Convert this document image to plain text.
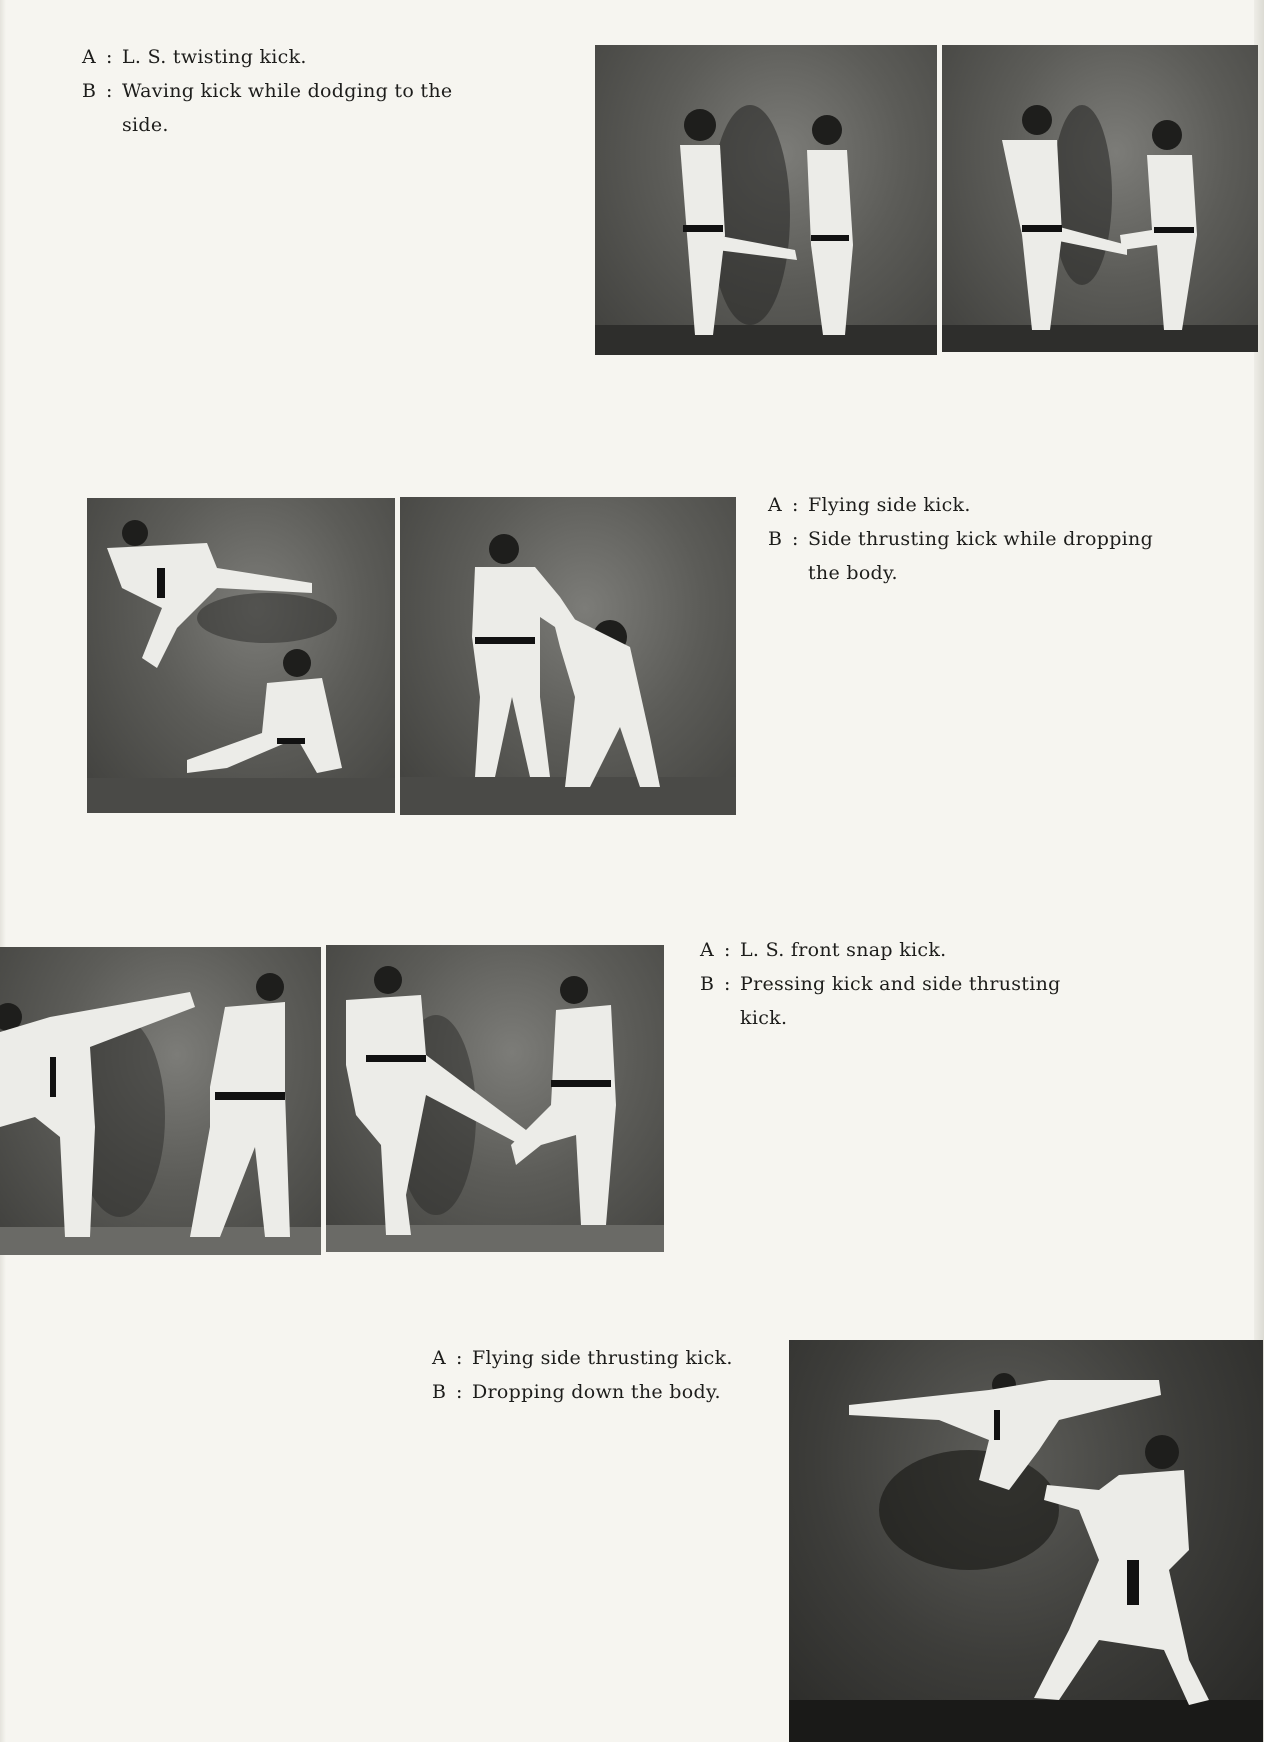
A : L. S. twisting kick.
B : Waving kick while dodging to the
side.
A : Flying side kick.
B : Side thrusting kick while dropping
the body.
A : L. S. front snap kick.
B : Pressing kick and side thrusting
kick.
A : Flying side thrusting kick.
B : Dropping down the body.
